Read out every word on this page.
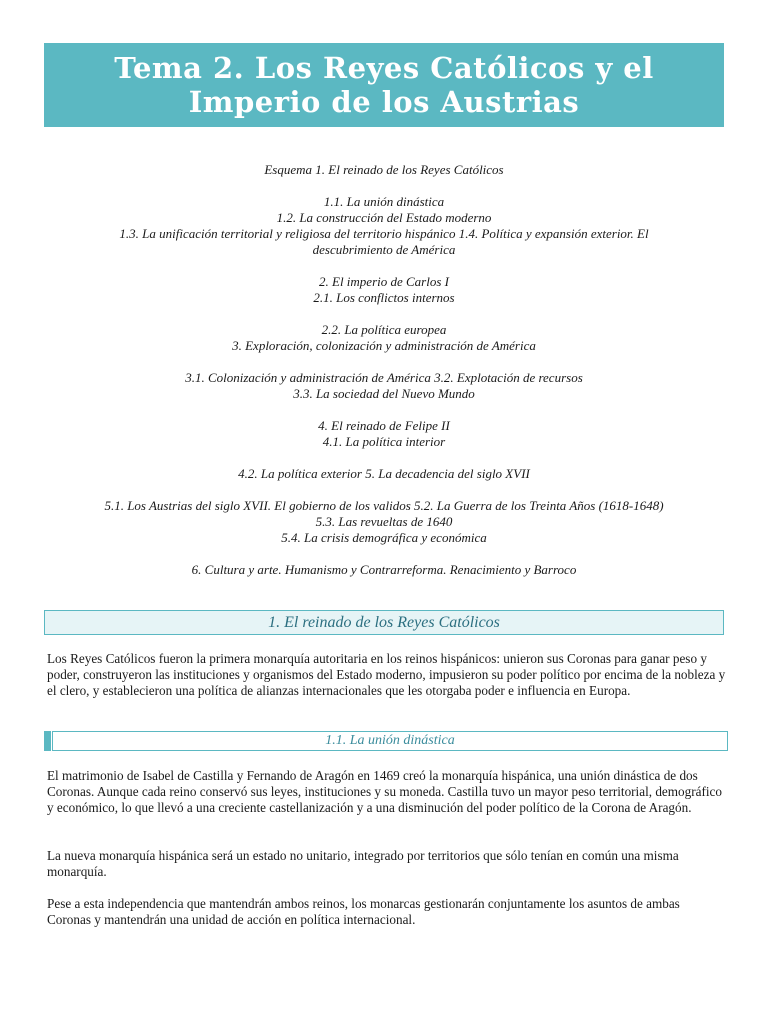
Tema 2. Los Reyes Católicos y el Imperio de los Austrias
Esquema 1. El reinado de los Reyes Católicos
1.1. La unión dinástica
1.2. La construcción del Estado moderno
1.3. La unificación territorial y religiosa del territorio hispánico 1.4. Política y expansión exterior. El
descubrimiento de América
2. El imperio de Carlos I
2.1. Los conflictos internos
2.2. La política europea
3. Exploración, colonización y administración de América
3.1. Colonización y administración de América 3.2. Explotación de recursos
3.3. La sociedad del Nuevo Mundo
4. El reinado de Felipe II
4.1. La política interior
4.2. La política exterior 5. La decadencia del siglo XVII
5.1. Los Austrias del siglo XVII. El gobierno de los validos 5.2. La Guerra de los Treinta Años (1618-1648)
5.3. Las revueltas de 1640
5.4. La crisis demográfica y económica
6. Cultura y arte. Humanismo y Contrarreforma. Renacimiento y Barroco
1. El reinado de los Reyes Católicos

Los Reyes Católicos fueron la primera monarquía autoritaria en los reinos hispánicos: unieron sus Coronas para ganar peso y poder, construyeron las instituciones y organismos del Estado moderno, impusieron su poder político por encima de la nobleza y el clero, y establecieron una política de alianzas internacionales que les otorgaba poder e influencia en Europa.

1.1. La unión dinástica

El matrimonio de Isabel de Castilla y Fernando de Aragón en 1469 creó la monarquía hispánica, una unión dinástica de dos Coronas. Aunque cada reino conservó sus leyes, instituciones y su moneda. Castilla tuvo un mayor peso territorial, demográfico y económico, lo que llevó a una creciente castellanización y a una disminución del poder político de la Corona de Aragón.

La nueva monarquía hispánica será un estado no unitario, integrado por territorios que sólo tenían en común una misma monarquía.

Pese a esta independencia que mantendrán ambos reinos, los monarcas gestionarán conjuntamente los asuntos de ambas Coronas y mantendrán una unidad de acción en política internacional.
